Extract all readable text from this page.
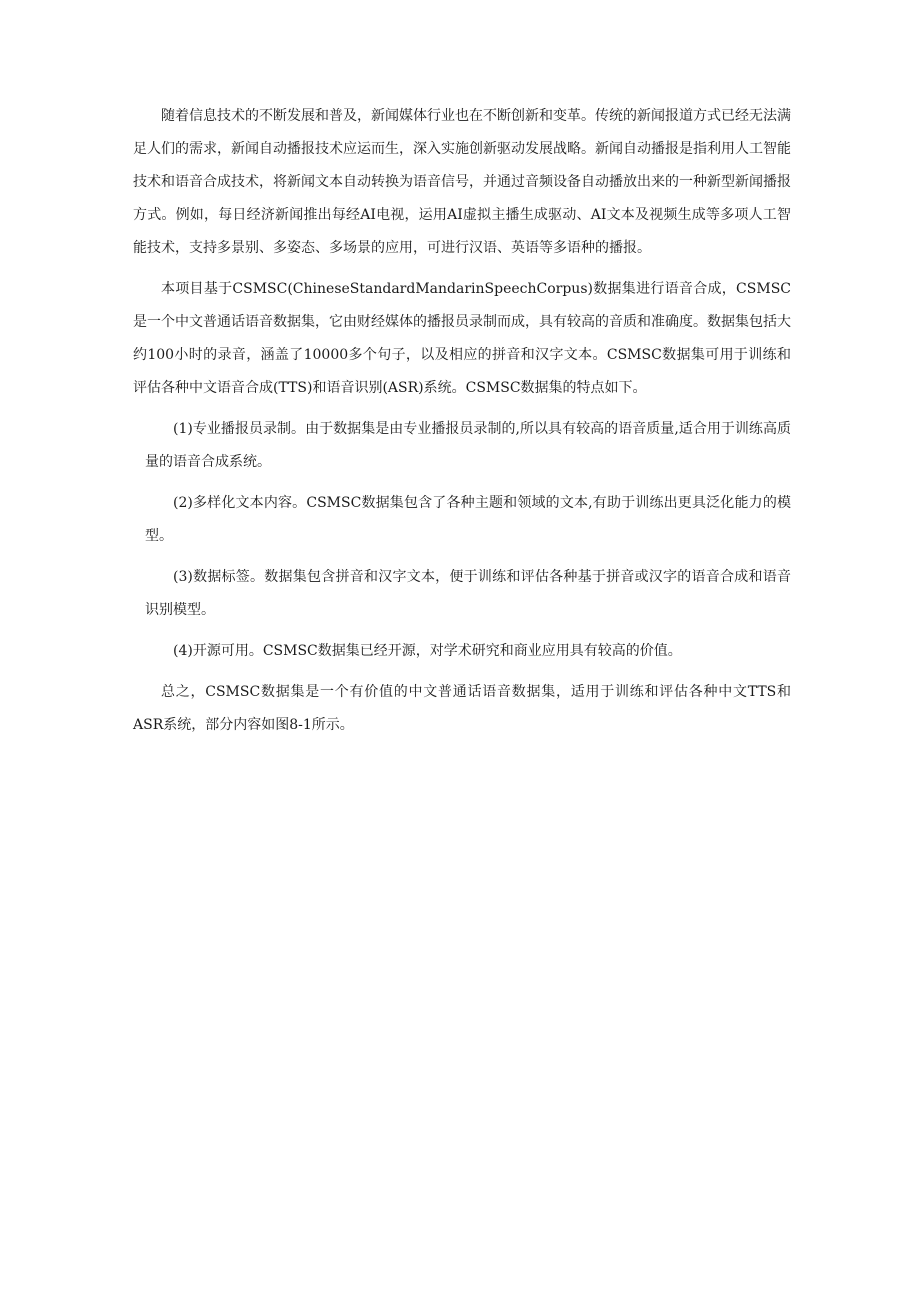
随着信息技术的不断发展和普及，新闻媒体行业也在不断创新和变革。传统的新闻报道方式已经无法满足人们的需求，新闻自动播报技术应运而生，深入实施创新驱动发展战略。新闻自动播报是指利用人工智能技术和语音合成技术，将新闻文本自动转换为语音信号，并通过音频设备自动播放出来的一种新型新闻播报方式。例如，每日经济新闻推出每经AI电视，运用AI虚拟主播生成驱动、AI文本及视频生成等多项人工智能技术，支持多景别、多姿态、多场景的应用，可进行汉语、英语等多语种的播报。

本项目基于CSMSC(ChineseStandardMandarinSpeechCorpus)数据集进行语音合成，CSMSC是一个中文普通话语音数据集，它由财经媒体的播报员录制而成，具有较高的音质和准确度。数据集包括大约100小时的录音，涵盖了10000多个句子，以及相应的拼音和汉字文本。CSMSC数据集可用于训练和评估各种中文语音合成(TTS)和语音识别(ASR)系统。CSMSC数据集的特点如下。

(1)专业播报员录制。由于数据集是由专业播报员录制的,所以具有较高的语音质量,适合用于训练高质量的语音合成系统。

(2)多样化文本内容。CSMSC数据集包含了各种主题和领域的文本,有助于训练出更具泛化能力的模型。

(3)数据标签。数据集包含拼音和汉字文本，便于训练和评估各种基于拼音或汉字的语音合成和语音识别模型。

(4)开源可用。CSMSC数据集已经开源，对学术研究和商业应用具有较高的价值。

总之，CSMSC数据集是一个有价值的中文普通话语音数据集，适用于训练和评估各种中文TTS和ASR系统，部分内容如图8-1所示。
